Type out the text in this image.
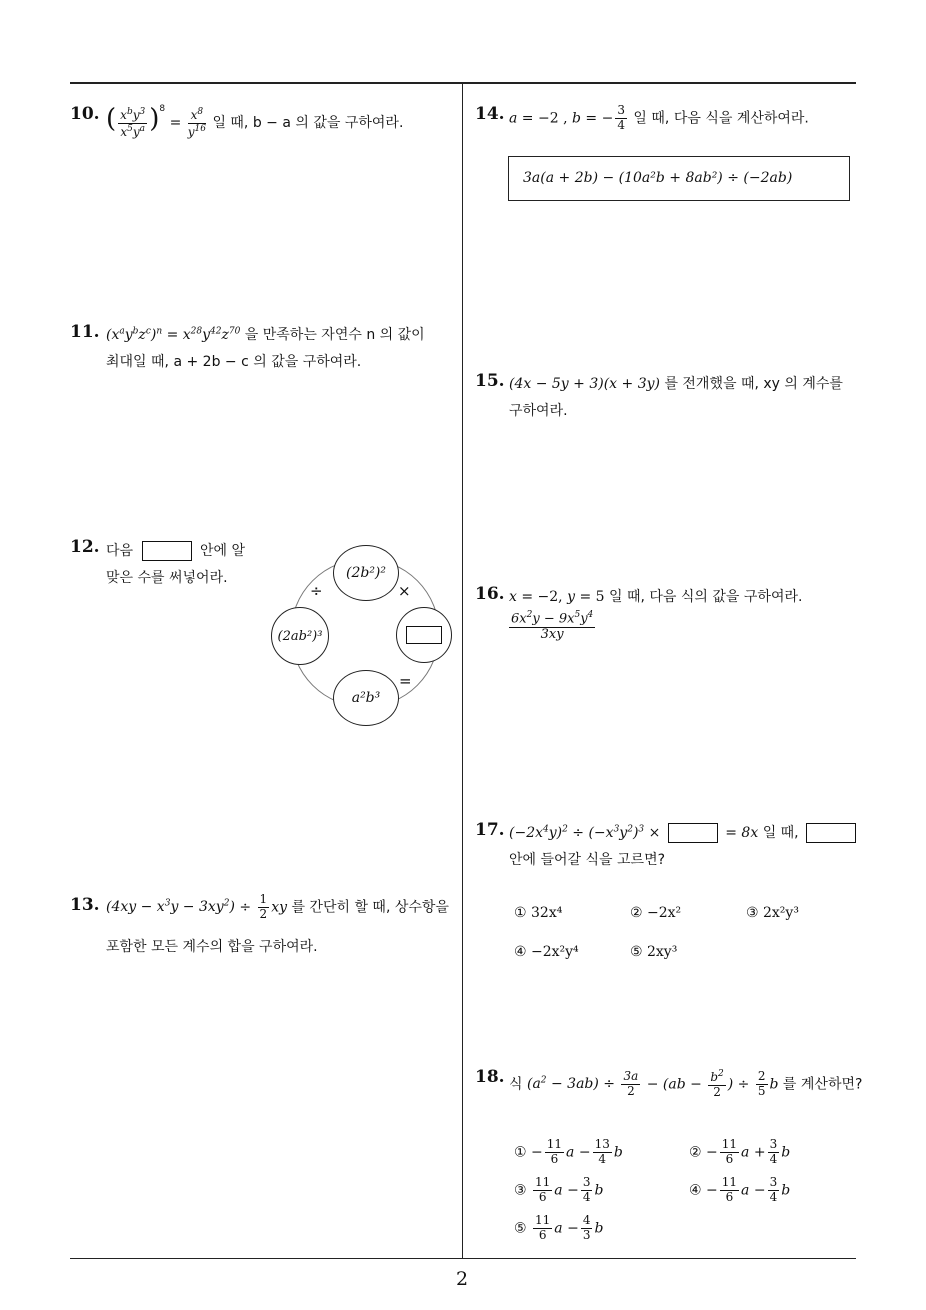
10. ( $\frac{x^by^3}{x^5y^a} )^8 = \frac{x^8}{y^{16}}$ 일 때, b − a 의 값을 구하여라.
11. $(x^ay^bz^c)^n = x^{28}y^{42}z^{70}$ 을 만족하는 자연수 n 의 값이
최대일 때, a + 2b − c 의 값을 구하여라.
12. 다음	안에 알
맞은 수를 써넣어라.	(2b²)²
(2ab²)³
a²b³
÷	×
=
13. $(4xy - x^3y - 3xy^2) \div \frac{1}{2}$ xy 를 간단히 할 때, 상수항을
포함한 모든 계수의 합을 구하여라.
14. a = −2 , b = − $\frac{3}{4}$ 일 때, 다음 식을 계산하여라.
3a(a + 2b) − (10a²b + 8ab²) ÷ (−2ab)
15. (4x − 5y + 3)(x + 3y) 를 전개했을 때, xy 의 계수를
구하여라.
16. x = −2, y = 5 일 때, 다음 식의 값을 구하여라.
$\frac{6x^2y - 9x^5y^4}{3xy}$
17. $(-2x^4y)^2 \div (-x^3y^2)^3$ ×	= 8x 일 때,
안에 들어갈 식을 고르면?
① 32x⁴	② −2x²	③ 2x²y³
④ −2x²y⁴	⑤ 2xy³
18. 식 $(a^2 - 3ab) \div \frac{3a}{2} - (ab - \frac{b^2}{2}$ ) ÷ $\frac{2}{5}$ b 를 계산하면?
① − $\frac{11}{6}$ $a - \frac{13}{4}$ b	② − $\frac{11}{6}$ $a + \frac{3}{4}$ b
③ $\frac{11}{6}$ $a - \frac{3}{4}$ b	④ − $\frac{11}{6}$ $a - \frac{3}{4}$ b
⑤ $\frac{11}{6}$ $a - \frac{4}{3}$ b
2
